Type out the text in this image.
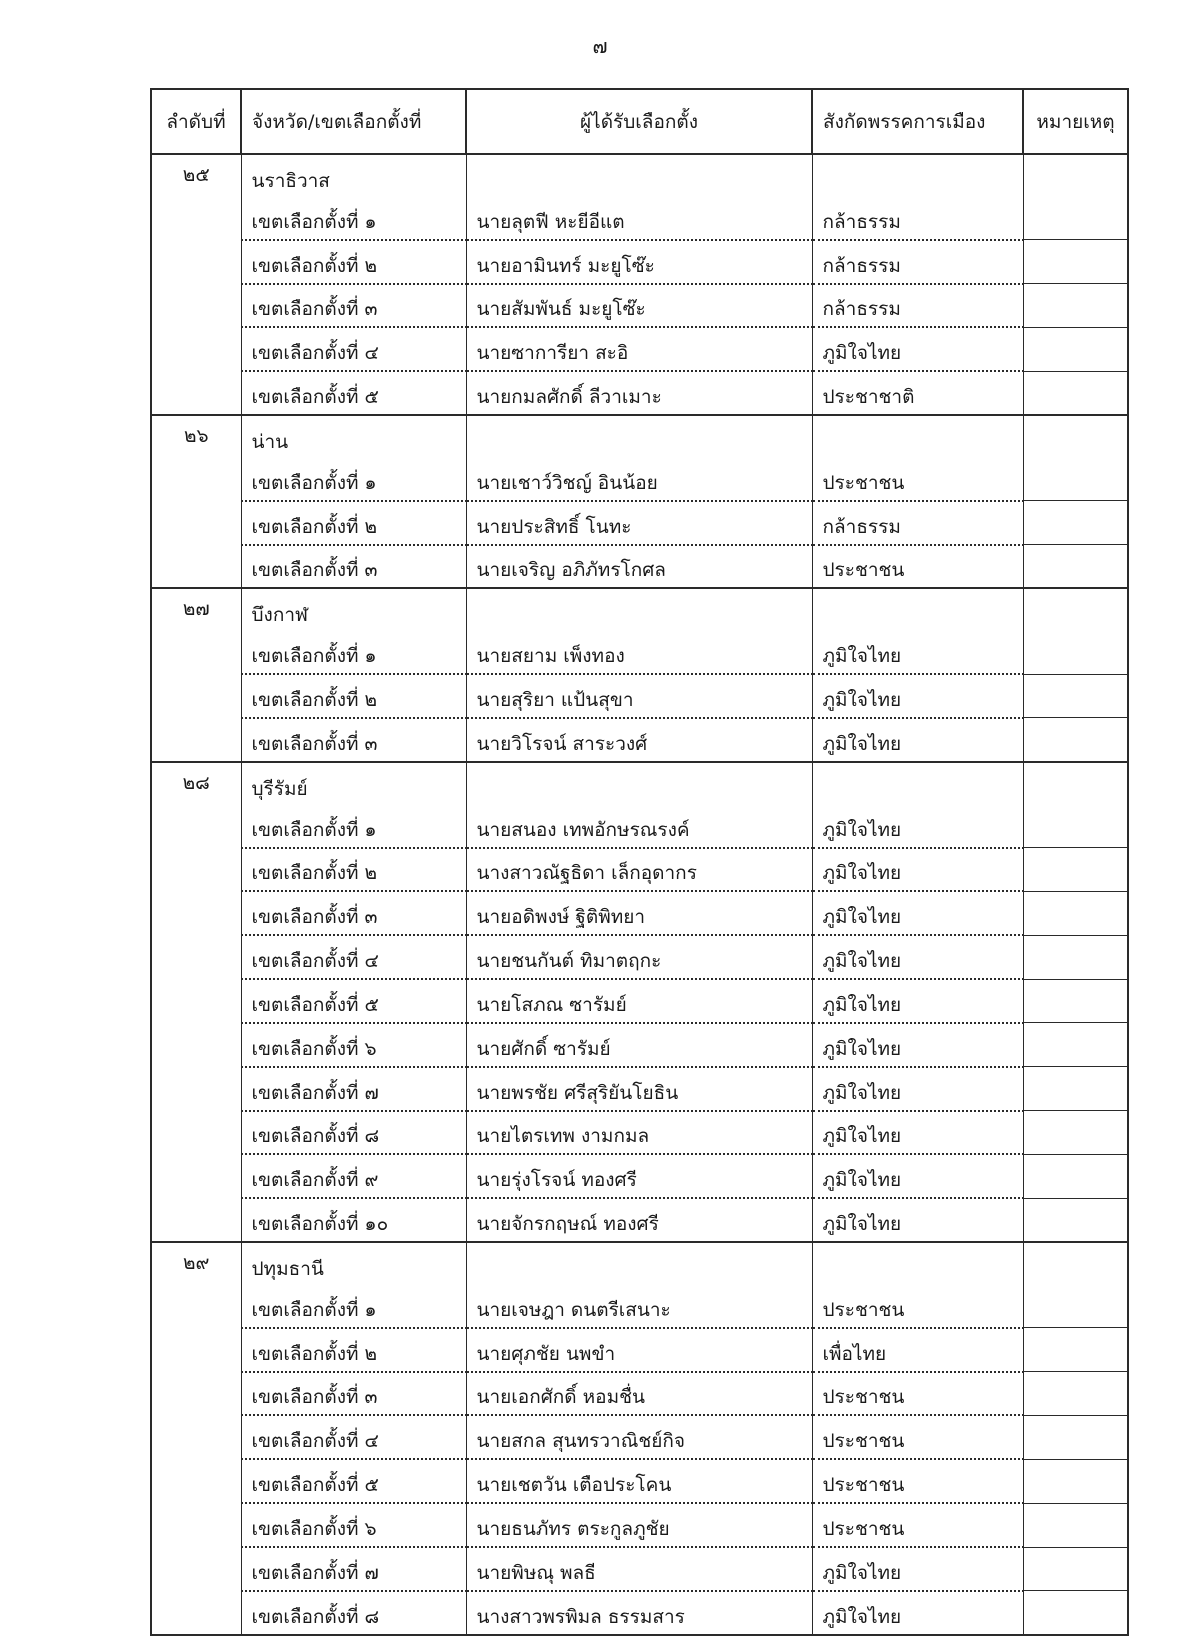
๗
ลำดับที่	จังหวัด/เขตเลือกตั้งที่	ผู้ได้รับเลือกตั้ง	สังกัดพรรคการเมือง	หมายเหตุ

๒๕	นราธิวาส			

	เขตเลือกตั้งที่ ๑	นายลุตฟี หะยีอีแต	กล้าธรรม	

	เขตเลือกตั้งที่ ๒	นายอามินทร์ มะยูโซ๊ะ	กล้าธรรม	

	เขตเลือกตั้งที่ ๓	นายสัมพันธ์ มะยูโซ๊ะ	กล้าธรรม	

	เขตเลือกตั้งที่ ๔	นายซาการียา สะอิ	ภูมิใจไทย	

	เขตเลือกตั้งที่ ๕	นายกมลศักดิ์ ลีวาเมาะ	ประชาชาติ	

๒๖	น่าน			

	เขตเลือกตั้งที่ ๑	นายเชาว์วิชญ์ อินน้อย	ประชาชน	

	เขตเลือกตั้งที่ ๒	นายประสิทธิ์ โนทะ	กล้าธรรม	

	เขตเลือกตั้งที่ ๓	นายเจริญ อภิภัทรโกศล	ประชาชน	

๒๗	บึงกาฬ			

	เขตเลือกตั้งที่ ๑	นายสยาม เพ็งทอง	ภูมิใจไทย	

	เขตเลือกตั้งที่ ๒	นายสุริยา แป้นสุขา	ภูมิใจไทย	

	เขตเลือกตั้งที่ ๓	นายวิโรจน์ สาระวงศ์	ภูมิใจไทย	

๒๘	บุรีรัมย์			

	เขตเลือกตั้งที่ ๑	นายสนอง เทพอักษรณรงค์	ภูมิใจไทย	

	เขตเลือกตั้งที่ ๒	นางสาวณัฐธิดา เล็กอุดากร	ภูมิใจไทย	

	เขตเลือกตั้งที่ ๓	นายอดิพงษ์ ฐิติพิทยา	ภูมิใจไทย	

	เขตเลือกตั้งที่ ๔	นายชนกันต์ ทิมาตฤกะ	ภูมิใจไทย	

	เขตเลือกตั้งที่ ๕	นายโสภณ ซารัมย์	ภูมิใจไทย	

	เขตเลือกตั้งที่ ๖	นายศักดิ์ ซารัมย์	ภูมิใจไทย	

	เขตเลือกตั้งที่ ๗	นายพรชัย ศรีสุริยันโยธิน	ภูมิใจไทย	

	เขตเลือกตั้งที่ ๘	นายไตรเทพ งามกมล	ภูมิใจไทย	

	เขตเลือกตั้งที่ ๙	นายรุ่งโรจน์ ทองศรี	ภูมิใจไทย	

	เขตเลือกตั้งที่ ๑๐	นายจักรกฤษณ์ ทองศรี	ภูมิใจไทย	

๒๙	ปทุมธานี			

	เขตเลือกตั้งที่ ๑	นายเจษฎา ดนตรีเสนาะ	ประชาชน	

	เขตเลือกตั้งที่ ๒	นายศุภชัย นพขำ	เพื่อไทย	

	เขตเลือกตั้งที่ ๓	นายเอกศักดิ์ หอมชื่น	ประชาชน	

	เขตเลือกตั้งที่ ๔	นายสกล สุนทรวาณิชย์กิจ	ประชาชน	

	เขตเลือกตั้งที่ ๕	นายเชตวัน เตือประโคน	ประชาชน	

	เขตเลือกตั้งที่ ๖	นายธนภัทร ตระกูลภูชัย	ประชาชน	

	เขตเลือกตั้งที่ ๗	นายพิษณุ พลธี	ภูมิใจไทย	

	เขตเลือกตั้งที่ ๘	นางสาวพรพิมล ธรรมสาร	ภูมิใจไทย	
